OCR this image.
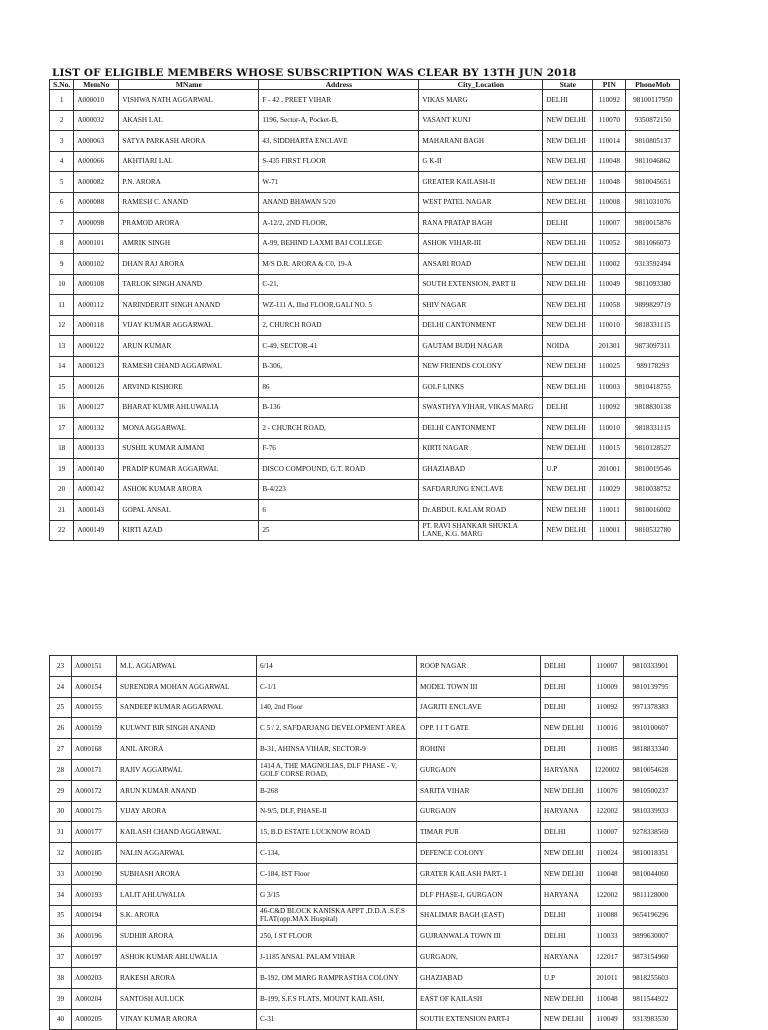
LIST OF ELIGIBLE MEMBERS WHOSE SUBSCRIPTION WAS CLEAR BY 13TH JUN 2018
S.No.	MemNo	MName	Address	City_Location	State	PIN	PhoneMob
1	A000010	VISHWA NATH AGGARWAL	F - 42 , PREET VIHAR	VIKAS MARG	DELHI	110092	98100117950
2	A000032	AKASH LAL	1196, Sector-A, Pocket-B,	VASANT KUNJ	NEW DELHI	110070	9350872150
3	A000063	SATYA PARKASH ARORA	43, SIDDHARTA ENCLAVE	MAHARANI BAGH	NEW DELHI	110014	9810805137
4	A000066	AKHTIARI LAL	S-435 FIRST FLOOR	G K-II	NEW DELHI	110048	9811046862
5	A000082	P.N. ARORA	W-71	GREATER KAILASH-II	NEW DELHI	110048	9810045651
6	A000088	RAMESH C. ANAND	ANAND BHAWAN 5/20	WEST PATEL NAGAR	NEW DELHI	110008	9811031076
7	A000098	PRAMOD ARORA	A-12/2, 2ND FLOOR,	RANA PRATAP BAGH	DELHI	110007	9810015876
8	A000101	AMRIK SINGH	A-99, BEHIND LAXMI BAI COLLEGE	ASHOK VIHAR-III	NEW DELHI	110052	9811066073
9	A000102	DHAN RAJ ARORA	M/S D.R. ARORA & C0, 19-A	ANSARI ROAD	NEW DELHI	110002	9313592494
10	A000108	TARLOK SINGH ANAND	C-21,	SOUTH EXTENSION, PART II	NEW DELHI	110049	9811093380
11	A000112	NARINDERJIT SINGH ANAND	WZ-111 A, IInd FLOOR,GALI NO. 5	SHIV NAGAR	NEW DELHI	110058	9899829719
12	A000118	VIJAY KUMAR AGGARWAL	2, CHURCH ROAD	DELHI CANTONMENT	NEW DELHI	110010	9818331115
13	A000122	ARUN KUMAR	C-49, SECTOR-41	GAUTAM BUDH NAGAR	NOIDA	201301	9873097311
14	A000123	RAMESH CHAND AGGARWAL	B-306,	NEW FRIENDS COLONY	NEW DELHI	110025	989178293
15	A000126	ARVIND KISHORE	86	GOLF LINKS	NEW DELHI	110003	9810418755
16	A000127	BHARAT KUMR AHLUWALIA	B-136	SWASTHYA VIHAR, VIKAS MARG	DELHI	110092	9818830138
17	A000132	MONA AGGARWAL	2 - CHURCH ROAD,	DELHI CANTONMENT	NEW DELHI	110010	9818331115
18	A000133	SUSHIL KUMAR AJMANI	F-76	KIRTI NAGAR	NEW DELHI	110015	9810128527
19	A000140	PRADIP KUMAR AGGARWAL	DISCO COMPOUND, G.T. ROAD	GHAZIABAD	U.P	201001	9810019546
20	A000142	ASHOK KUMAR ARORA	B-4/223	SAFDARJUNG ENCLAVE	NEW DELHI	110029	9810038752
21	A000143	GOPAL ANSAL	6	Dr.ABDUL KALAM ROAD	NEW DELHI	110011	9810016002
22	A000149	KIRTI AZAD	25	PT. RAVI SHANKAR SHUKLA LANE, K.G. MARG	NEW DELHI	110001	9810532780
23	A000151	M.L. AGGARWAL	6/14	ROOP NAGAR	DELHI	110007	9810333901
24	A000154	SURENDRA MOHAN AGGARWAL	C-1/1	MODEL TOWN III	DELHI	110009	9810139795
25	A000155	SANDEEP KUMAR AGGARWAL	140, 2nd Floor	JAGRITI ENCLAVE	DELHI	110092	9971378383
26	A000159	KULWNT BIR SINGH ANAND	C 5 / 2, SAFDARJANG DEVELOPMENT AREA	OPP. I I T GATE	NEW DELHI	110016	9810100607
27	A000168	ANIL ARORA	B-31, AHINSA VIHAR, SECTOR-9	ROHINI	DELHI	110085	9818833340
28	A000171	RAJIV AGGARWAL	1414 A, THE MAGNOLIAS, DLF PHASE - V, GOLF CORSE ROAD,	GURGAON	HARYANA	1220002	9810054628
29	A000172	ARUN KUMAR ANAND	B-268	SARITA VIHAR	NEW DELHI	110076	9810500237
30	A000175	VIJAY ARORA	N-9/5, DLF, PHASE-II	GURGAON	HARYANA	122002	9810339933
31	A000177	KAILASH CHAND AGGARWAL	15, B.D ESTATE LUCKNOW ROAD	TIMAR PUR	DELHI	110007	9278338569
32	A000185	NALIN AGGARWAL	C-134,	DEFENCE COLONY	NEW DELHI	110024	9810018351
33	A000190	SUBHASH ARORA	C-184, IST Floor	GRATER KAILASH PART- I	NEW DELHI	110048	9810044060
34	A000193	LALIT AHLUWALIA	G 3/15	DLF PHASE-I, GURGAON	HARYANA	122002	9811128000
35	A000194	S.K. ARORA	46-C&D BLOCK KANISKA APPT ,D.D.A .S.F.S FLAT(opp.MAX Hospital)	SHALIMAR BAGH (EAST)	DELHI	110088	9654196296
36	A000196	SUDHIR ARORA	250, I ST FLOOR	GUJRANWALA TOWN III	DELHI	110033	9899630007
37	A000197	ASHOK KUMAR AHLUWALIA	J-1185 ANSAL PALAM VIHAR	GURGAON,	HARYANA	122017	9873154960
38	A000203	RAKESH ARORA	B-192, OM MARG RAMPRASTHA COLONY	GHAZIABAD	U.P	201011	9818255603
39	A000204	SANTOSH AULUCK	B-199, S.F.S FLATS, MOUNT KAILASH,	EAST OF KAILASH	NEW DELHI	110048	9811544922
40	A000205	VINAY KUMAR ARORA	C-31	SOUTH EXTENSION PART-I	NEW DELHI	110049	9313983530
